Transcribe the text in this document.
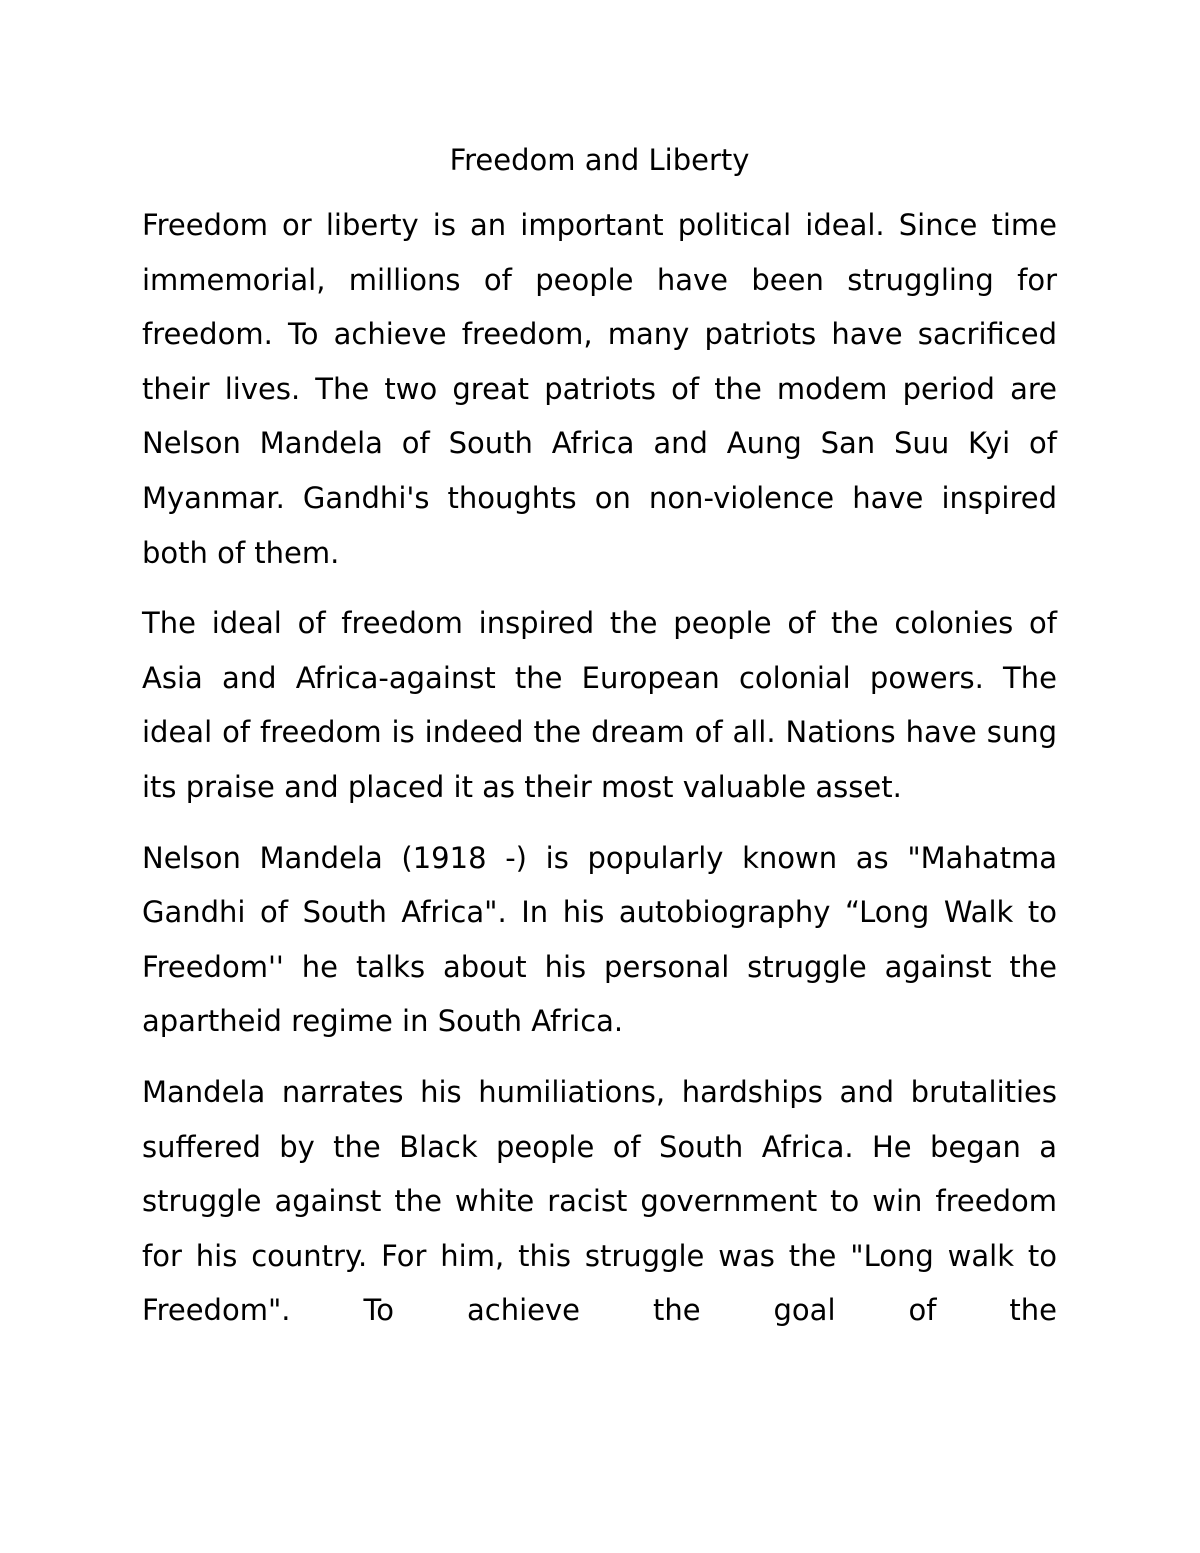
Freedom and Liberty

Freedom or liberty is an important political ideal. Since time immemorial, millions of people have been struggling for freedom. To achieve freedom, many patriots have sacrificed their lives. The two great patriots of the modem period are Nelson Mandela of South Africa and Aung San Suu Kyi of Myanmar. Gandhi's thoughts on non-violence have inspired both of them.

The ideal of freedom inspired the people of the colonies of Asia and Africa-against the European colonial powers. The ideal of freedom is indeed the dream of all. Nations have sung its praise and placed it as their most valuable asset.

Nelson Mandela (1918 -) is popularly known as "Mahatma Gandhi of South Africa". In his autobiography “Long Walk to Freedom'' he talks about his personal struggle against the apartheid regime in South Africa.

Mandela narrates his humiliations, hardships and brutalities suffered by the Black people of South Africa. He began a struggle against the white racist government to win freedom for his country. For him, this struggle was the "Long walk to Freedom". To achieve the goal of the
